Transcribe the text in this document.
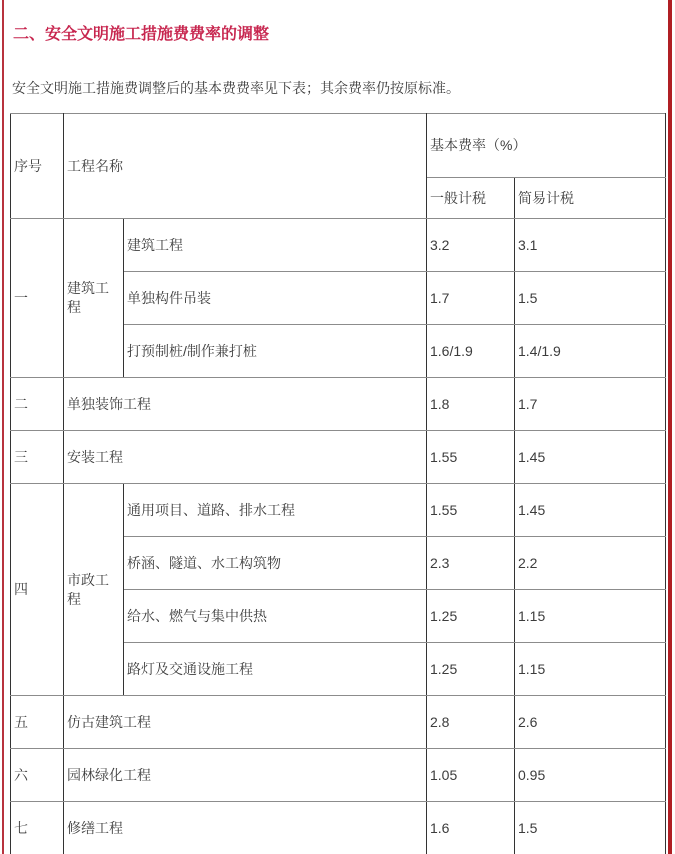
二、安全文明施工措施费费率的调整

安全文明施工措施费调整后的基本费费率见下表；其余费率仍按原标准。

序号	工程名称		基本费率（%）	
			一般计税	简易计税
一	建筑工程	建筑工程	3.2	3.1
		单独构件吊装	1.7	1.5
		打预制桩/制作兼打桩	1.6/1.9	1.4/1.9
二	单独装饰工程		1.8	1.7
三	安装工程		1.55	1.45
四	市政工程	通用项目、道路、排水工程	1.55	1.45
		桥涵、隧道、水工构筑物	2.3	2.2
		给水、燃气与集中供热	1.25	1.15
		路灯及交通设施工程	1.25	1.15
五	仿古建筑工程		2.8	2.6
六	园林绿化工程		1.05	0.95
七	修缮工程		1.6	1.5
